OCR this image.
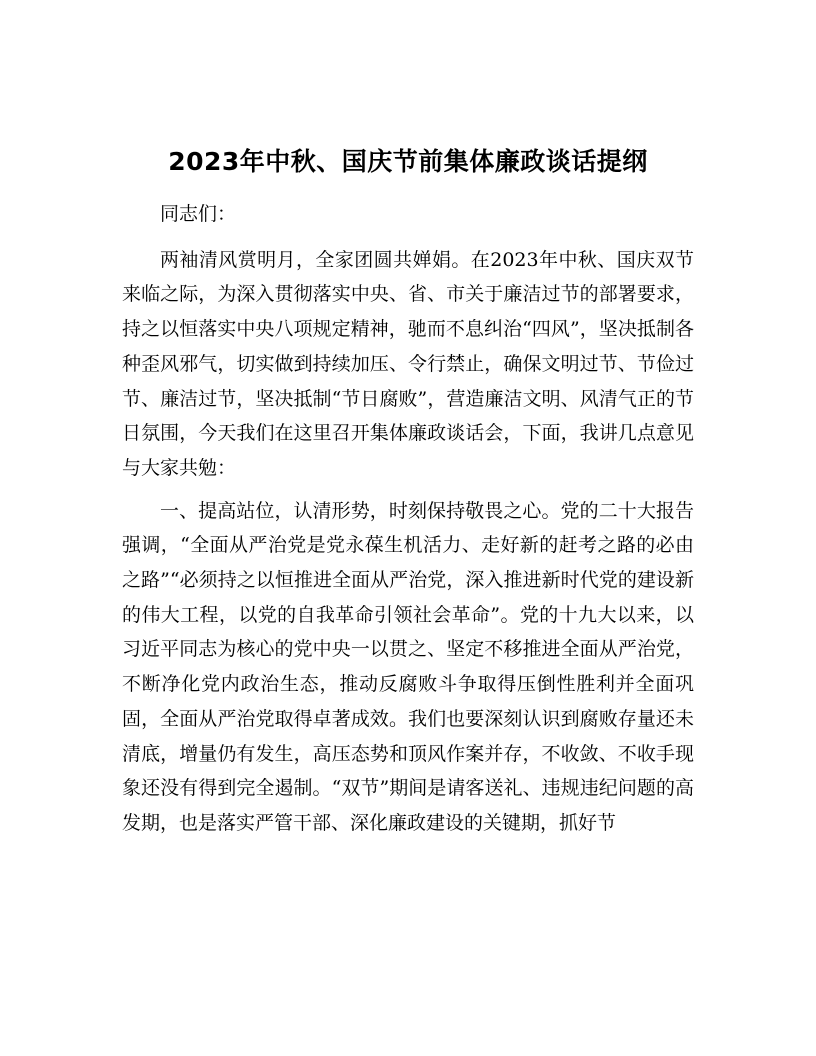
2023年中秋、国庆节前集体廉政谈话提纲

同志们：

两袖清风赏明月，全家团圆共婵娟。在2023年中秋、国庆双节来临之际，为深入贯彻落实中央、省、市关于廉洁过节的部署要求，持之以恒落实中央八项规定精神，驰而不息纠治“四风”，坚决抵制各种歪风邪气，切实做到持续加压、令行禁止，确保文明过节、节俭过节、廉洁过节，坚决抵制“节日腐败”，营造廉洁文明、风清气正的节日氛围，今天我们在这里召开集体廉政谈话会，下面，我讲几点意见与大家共勉：

一、提高站位，认清形势，时刻保持敬畏之心。党的二十大报告强调，“全面从严治党是党永葆生机活力、走好新的赶考之路的必由之路”“必须持之以恒推进全面从严治党，深入推进新时代党的建设新的伟大工程，以党的自我革命引领社会革命”。党的十九大以来，以习近平同志为核心的党中央一以贯之、坚定不移推进全面从严治党，不断净化党内政治生态，推动反腐败斗争取得压倒性胜利并全面巩固，全面从严治党取得卓著成效。我们也要深刻认识到腐败存量还未清底，增量仍有发生，高压态势和顶风作案并存，不收敛、不收手现象还没有得到完全遏制。“双节”期间是请客送礼、违规违纪问题的高发期，也是落实严管干部、深化廉政建设的关键期，抓好节
